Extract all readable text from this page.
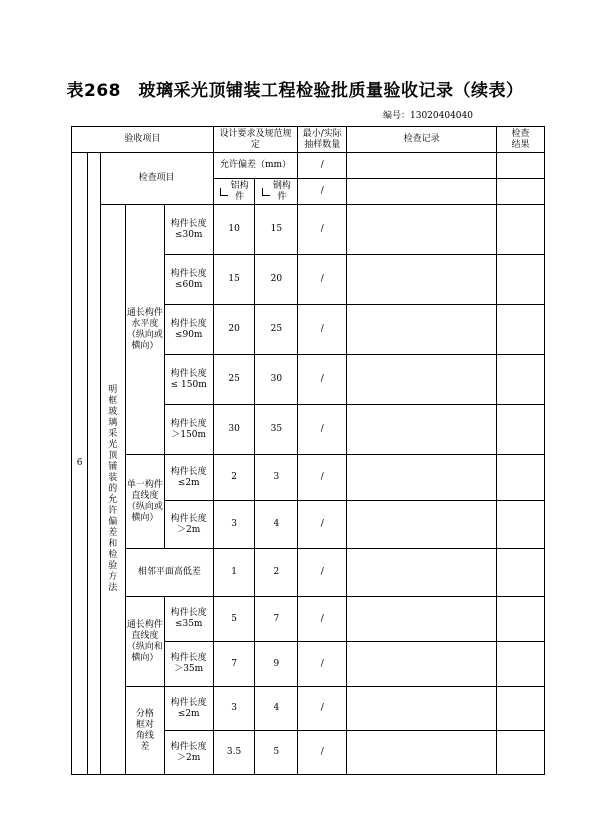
表268　玻璃采光顶铺装工程检验批质量验收记录（续表）
编号：13020404040
验收项目					设计要求及规范规定		最小/实际抽样数量	检查记录	检查结果
6		检查项目			允许偏差（mm）		/		

					铝构件	钢构件	/		
		明框玻璃采光顶铺装的允许偏差和检验方法	通长构件水平度（纵向或横向）	构件长度≤30m	10	15	/		
				构件长度≤60m	15	20	/		
				构件长度≤90m	20	25	/		
				构件长度≤ 150m	25	30	/		
				构件长度＞150m	30	35	/		
			单一构件直线度（纵向或横向）	构件长度≤2m	2	3	/		
				构件长度＞2m	3	4	/		
			相邻平面高低差		1	2	/		
			通长构件直线度（纵向和横向）	构件长度≤35m	5	7	/		
				构件长度＞35m	7	9	/		
			分格框对角线差	构件长度≤2m	3	4	/		
				构件长度＞2m	3.5	5	/		
